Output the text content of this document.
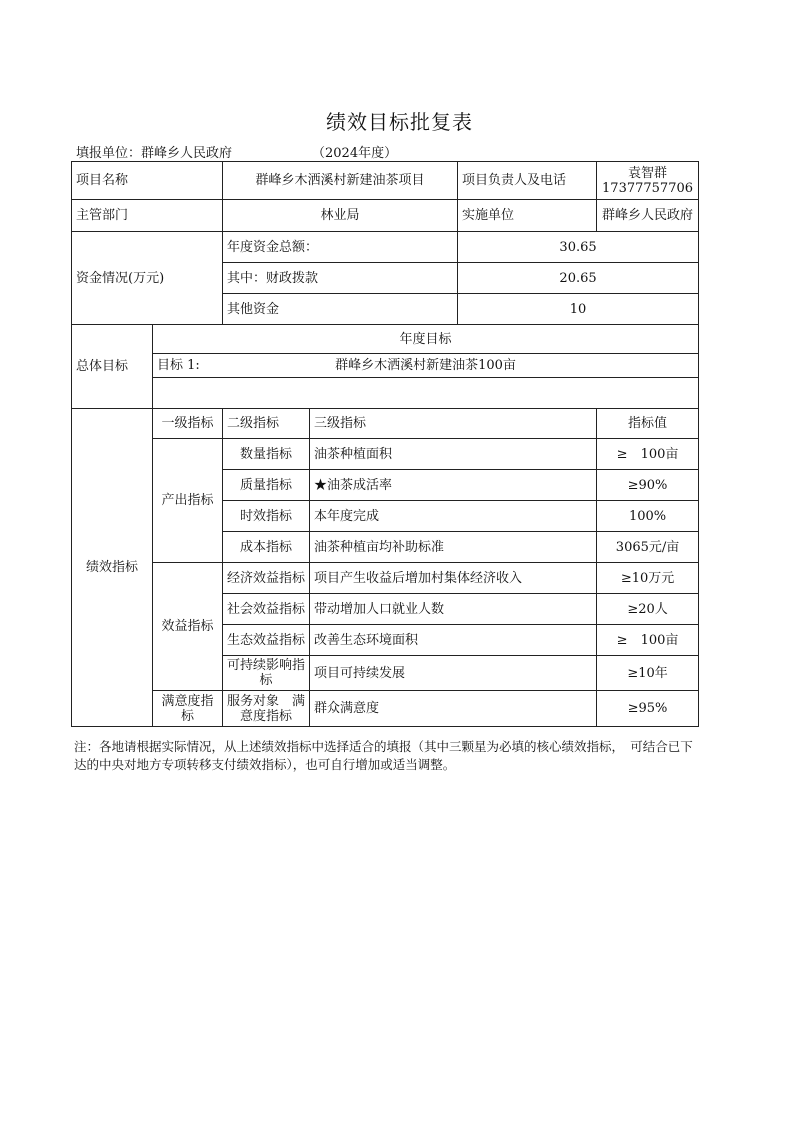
绩效目标批复表
填报单位：群峰乡人民政府	（2024年度）
项目名称		群峰乡木洒溪村新建油茶项目		项目负责人及电话	袁智群
17377757706

主管部门		林业局		实施单位	群峰乡人民政府
资金情况(万元)		年度资金总额：		30.65	
		其中：财政拨款		20.65	
		其他资金		10	
总体目标	年度目标				
	目标 1: 群峰乡木洒溪村新建油茶100亩				

绩效指标	一级指标	二级指标	三级指标		指标值
	产出指标	数量指标	油茶种植面积		≥　100亩
		质量指标	★油茶成活率		≥90%
		时效指标	本年度完成		100%
		成本指标	油茶种植亩均补助标准		3065元/亩
	效益指标	经济效益指标	项目产生收益后增加村集体经济收入		≥10万元
		社会效益指标	带动增加人口就业人数		≥20人
		生态效益指标	改善生态环境面积		≥　100亩
		可持续影响指标	项目可持续发展		≥10年
	满意度指标	服务对象　满意度指标	群众满意度		≥95%
注：各地请根据实际情况，从上述绩效指标中选择适合的填报（其中三颗星为必填的核心绩效指标，　可结合已下达的中央对地方专项转移支付绩效指标），也可自行增加或适当调整。
